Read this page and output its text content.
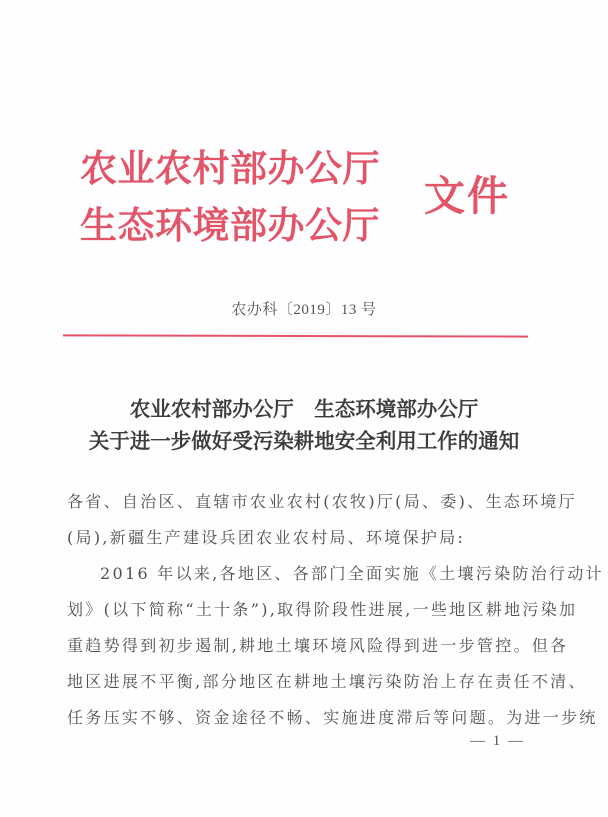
农业农村部办公厅
生态环境部办公厅
文件
农办科〔2019〕13 号
农业农村部办公厅　生态环境部办公厅
关于进一步做好受污染耕地安全利用工作的通知
各省、自治区、直辖市农业农村(农牧)厅(局、委)、生态环境厅
(局),新疆生产建设兵团农业农村局、环境保护局:
2016 年以来,各地区、各部门全面实施《土壤污染防治行动计
划》(以下简称“土十条”),取得阶段性进展,一些地区耕地污染加
重趋势得到初步遏制,耕地土壤环境风险得到进一步管控。但各
地区进展不平衡,部分地区在耕地土壤污染防治上存在责任不清、
任务压实不够、资金途径不畅、实施进度滞后等问题。为进一步统
— 1 —
